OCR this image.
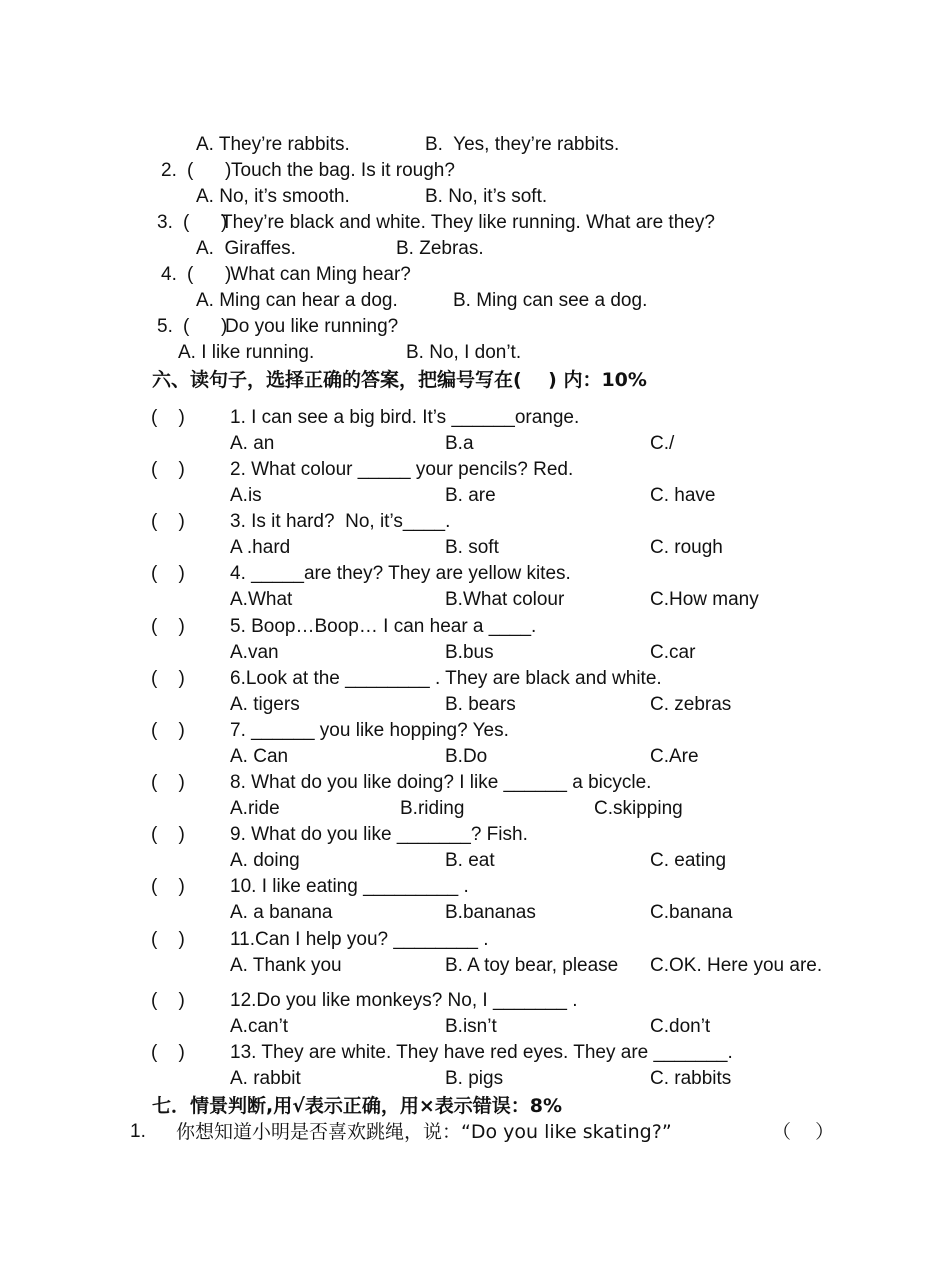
A. They’re rabbits.	B.  Yes, they’re rabbits.
2. (      ) Touch the bag. Is it rough?
A. No, it’s smooth.	B. No, it’s soft.
3. (      )
They’re black and white. They like running. What are they?
A.  Giraffes.	B. Zebras.
4. (      )
What can Ming hear?
A. Ming can hear a dog.	B. Ming can see a dog.
5. (      )
Do you like running?
A. I like running.	B. No, I don’t.
六、读句子，选择正确的答案，把编号写在(    ) 内：10%
(    ) 1. I can see a big bird. It’s ______orange.
A. an	B.a	C./
(    ) 2. What colour _____ your pencils? Red.
A.is	B. are	C. have
(    ) 3. Is it hard?  No, it’s____.
A .hard	B. soft	C. rough
(    ) 4. _____are they? They are yellow kites.
A.What	B.What colour	C.How many
(    ) 5. Boop…Boop… I can hear a ____.
A.van	B.bus	C.car
(    ) 6.Look at the ________ . They are black and white.
A. tigers	B. bears	C. zebras
(    ) 7. ______ you like hopping? Yes.
A. Can	B.Do	C.Are
(    ) 8. What do you like doing? I like ______ a bicycle.
A.ride	B.riding	C.skipping
(    ) 9. What do you like _______? Fish.
A. doing	B. eat	C. eating
(    ) 10. I like eating _________ .
A. a banana	B.bananas	C.banana
(    ) 11.Can I help you? ________ .
A. Thank you	B. A toy bear, please C.OK. Here you are.
(    ) 12.Do you like monkeys? No, I _______ .
A.can’t	B.isn’t	C.don’t
(    ) 13. They are white. They have red eyes. They are _______.
A. rabbit	B. pigs	C. rabbits
七．情景判断,用√表示正确，用×表示错误：8%
1. 你想知道小明是否喜欢跳绳，说：“Do you like skating?”	（    ）
